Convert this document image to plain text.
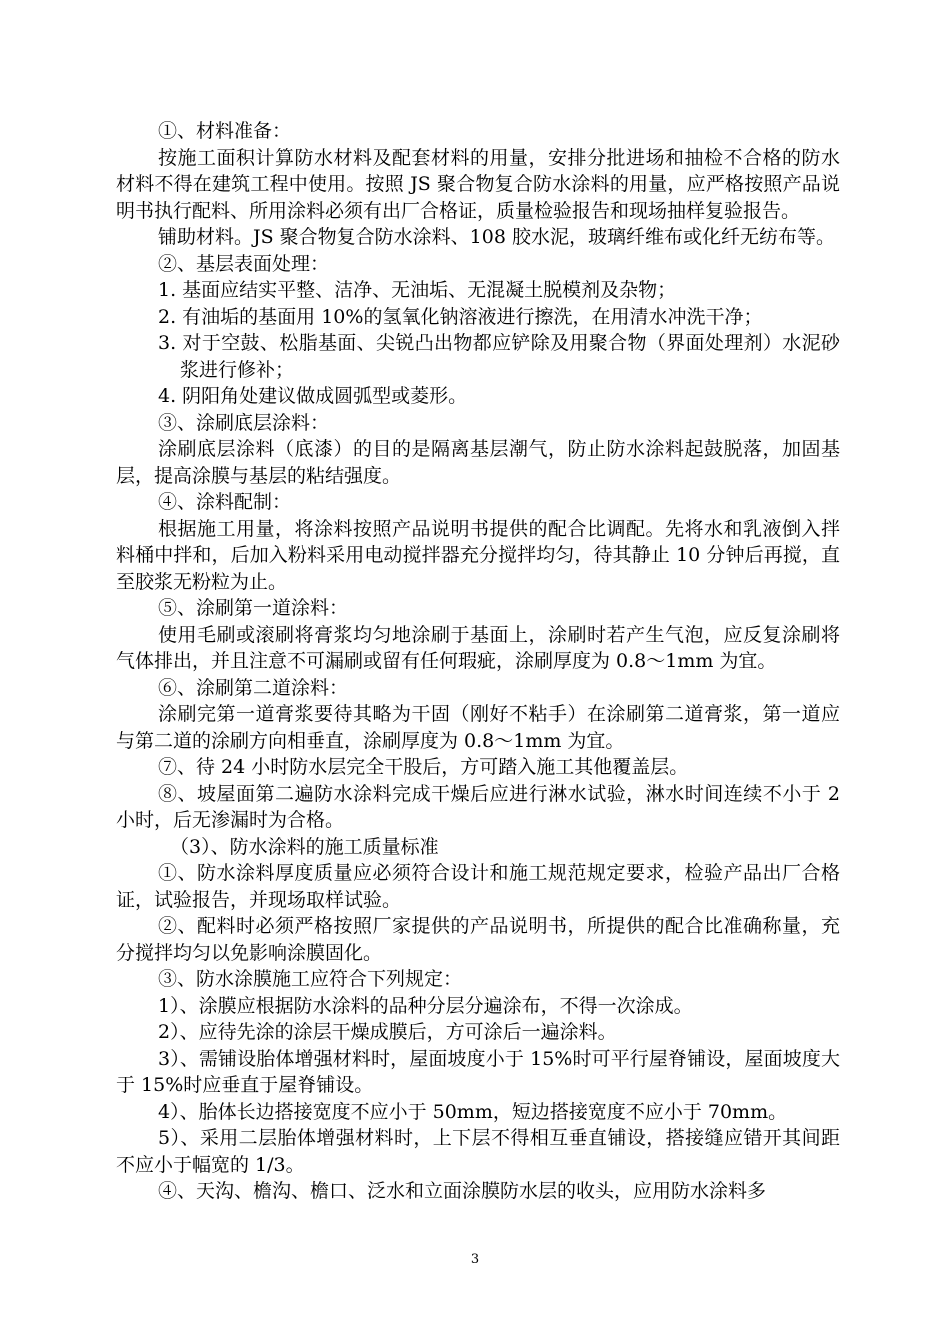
①、材料准备：

按施工面积计算防水材料及配套材料的用量，安排分批进场和抽检不合格的防水材料不得在建筑工程中使用。按照 JS 聚合物复合防水涂料的用量，应严格按照产品说明书执行配料、所用涂料必须有出厂合格证，质量检验报告和现场抽样复验报告。

铺助材料。JS 聚合物复合防水涂料、108 胶水泥，玻璃纤维布或化纤无纺布等。

②、基层表面处理：

1. 基面应结实平整、洁净、无油垢、无混凝土脱模剂及杂物；

2. 有油垢的基面用 10%的氢氧化钠溶液进行擦洗，在用清水冲洗干净；

3. 对于空鼓、松脂基面、尖锐凸出物都应铲除及用聚合物（界面处理剂）水泥砂浆进行修补；

4. 阴阳角处建议做成圆弧型或菱形。

③、涂刷底层涂料：

涂刷底层涂料（底漆）的目的是隔离基层潮气，防止防水涂料起鼓脱落，加固基层，提高涂膜与基层的粘结强度。

④、涂料配制：

根据施工用量，将涂料按照产品说明书提供的配合比调配。先将水和乳液倒入拌料桶中拌和，后加入粉料采用电动搅拌器充分搅拌均匀，待其静止 10 分钟后再搅，直至胶浆无粉粒为止。

⑤、涂刷第一道涂料：

使用毛刷或滚刷将膏浆均匀地涂刷于基面上，涂刷时若产生气泡，应反复涂刷将气体排出，并且注意不可漏刷或留有任何瑕疵，涂刷厚度为 0.8～1mm 为宜。

⑥、涂刷第二道涂料：

涂刷完第一道膏浆要待其略为干固（刚好不粘手）在涂刷第二道膏浆，第一道应与第二道的涂刷方向相垂直，涂刷厚度为 0.8～1mm 为宜。

⑦、待 24 小时防水层完全干股后，方可踏入施工其他覆盖层。

⑧、坡屋面第二遍防水涂料完成干燥后应进行淋水试验，淋水时间连续不小于 2 小时，后无渗漏时为合格。

（3）、防水涂料的施工质量标准

①、防水涂料厚度质量应必须符合设计和施工规范规定要求，检验产品出厂合格证，试验报告，并现场取样试验。

②、配料时必须严格按照厂家提供的产品说明书，所提供的配合比准确称量，充分搅拌均匀以免影响涂膜固化。

③、防水涂膜施工应符合下列规定：

1）、涂膜应根据防水涂料的品种分层分遍涂布，不得一次涂成。

2）、应待先涂的涂层干燥成膜后，方可涂后一遍涂料。

3）、需铺设胎体增强材料时，屋面坡度小于 15%时可平行屋脊铺设，屋面坡度大于 15%时应垂直于屋脊铺设。

4）、胎体长边搭接宽度不应小于 50mm，短边搭接宽度不应小于 70mm。

5）、采用二层胎体增强材料时，上下层不得相互垂直铺设，搭接缝应错开其间距不应小于幅宽的 1/3。

④、天沟、檐沟、檐口、泛水和立面涂膜防水层的收头，应用防水涂料多

3
